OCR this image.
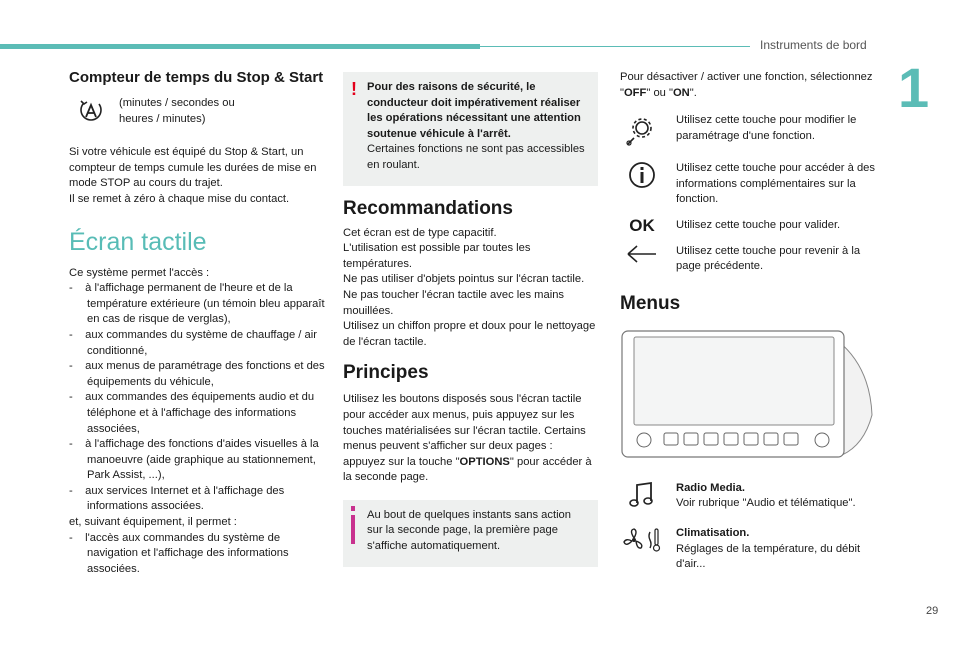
Instruments de bord
1
29
Compteur de temps du Stop & Start

(minutes / secondes ou heures / minutes)

Si votre véhicule est équipé du Stop & Start, un compteur de temps cumule les durées de mise en mode STOP au cours du trajet.

Il se remet à zéro à chaque mise du contact.

Écran tactile

Ce système permet l'accès :

-    à l'affichage permanent de l'heure et de la température extérieure (un témoin bleu apparaît en cas de risque de verglas),

-    aux commandes du système de chauffage / air conditionné,

-    aux menus de paramétrage des fonctions et des équipements du véhicule,

-    aux commandes des équipements audio et du téléphone et à l'affichage des informations associées,

-    à l'affichage des fonctions d'aides visuelles à la manoeuvre (aide graphique au stationnement, Park Assist, ...),

-    aux services Internet et à l'affichage des informations associées.

et, suivant équipement, il permet :

-    l'accès aux commandes du système de navigation et l'affichage des informations associées.

! Pour des raisons de sécurité, le conducteur doit impérativement réaliser les opérations nécessitant une attention soutenue véhicule à l'arrêt.

Certaines fonctions ne sont pas accessibles en roulant.

Recommandations

Cet écran est de type capacitif.

L'utilisation est possible par toutes les températures.

Ne pas utiliser d'objets pointus sur l'écran tactile.

Ne pas toucher l'écran tactile avec les mains mouillées.

Utilisez un chiffon propre et doux pour le nettoyage de l'écran tactile.

Principes

Utilisez les boutons disposés sous l'écran tactile pour accéder aux menus, puis appuyez sur les touches matérialisées sur l'écran tactile. Certains menus peuvent s'afficher sur deux pages : appuyez sur la touche "OPTIONS" pour accéder à la seconde page.

Au bout de quelques instants sans action sur la seconde page, la première page s'affiche automatiquement.

Pour désactiver / activer une fonction, sélectionnez "OFF" ou "ON".

Utilisez cette touche pour modifier le paramétrage d'une fonction.

Utilisez cette touche pour accéder à des informations complémentaires sur la fonction.

OK Utilisez cette touche pour valider.

Utilisez cette touche pour revenir à la page précédente.

Menus

Radio Media.

Voir rubrique "Audio et télématique".

Climatisation.

Réglages de la température, du débit d'air...
